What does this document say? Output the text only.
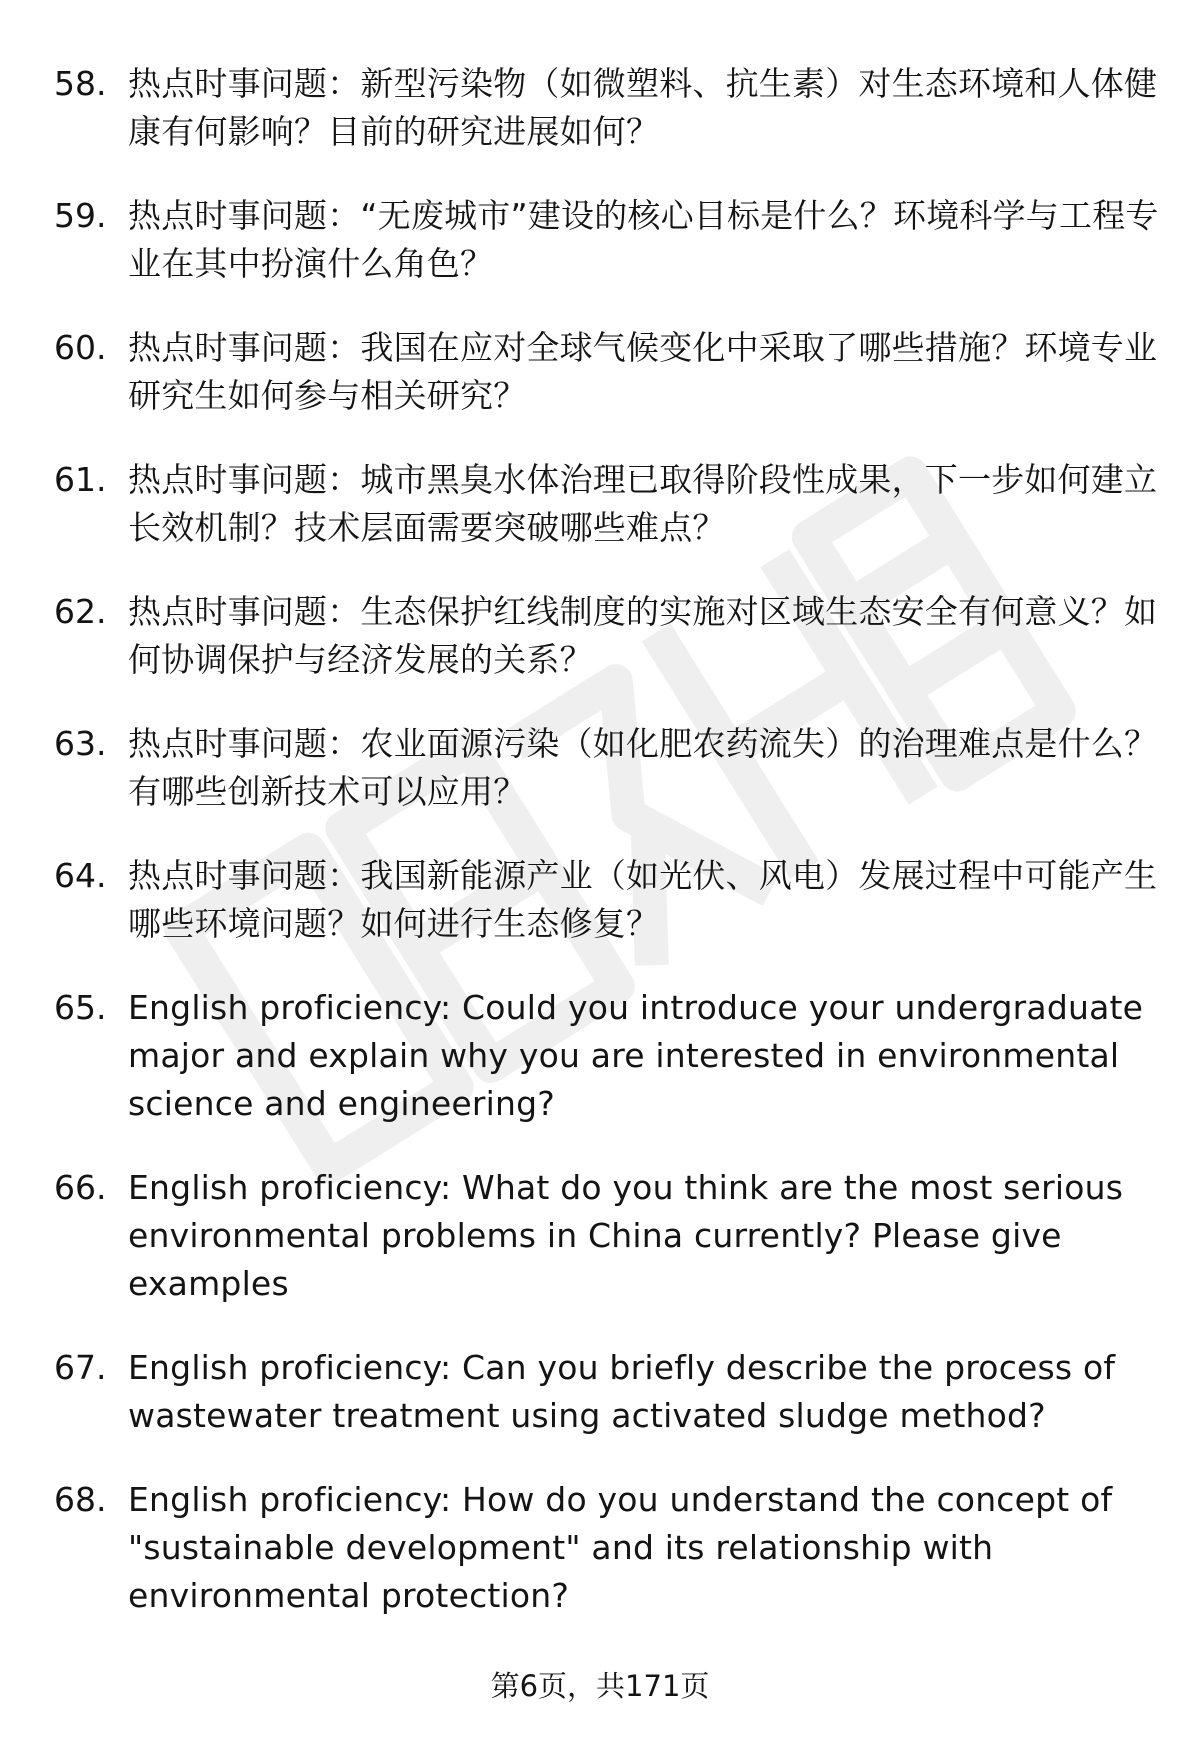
58. 热点时事问题：新型污染物（如微塑料、抗生素）对生态环境和人体健康有何影响？目前的研究进展如何？
59. 热点时事问题：“无废城市”建设的核心目标是什么？环境科学与工程专业在其中扮演什么角色？
60. 热点时事问题：我国在应对全球气候变化中采取了哪些措施？环境专业研究生如何参与相关研究？
61. 热点时事问题：城市黑臭水体治理已取得阶段性成果，下一步如何建立长效机制？技术层面需要突破哪些难点？
62. 热点时事问题：生态保护红线制度的实施对区域生态安全有何意义？如何协调保护与经济发展的关系？
63. 热点时事问题：农业面源污染（如化肥农药流失）的治理难点是什么？有哪些创新技术可以应用？
64. 热点时事问题：我国新能源产业（如光伏、风电）发展过程中可能产生哪些环境问题？如何进行生态修复？
65. English proficiency: Could you introduce your undergraduate major and explain why you are interested in environmental science and engineering?
66. English proficiency: What do you think are the most serious environmental problems in China currently? Please give examples
67. English proficiency: Can you briefly describe the process of wastewater treatment using activated sludge method?
68. English proficiency: How do you understand the concept of "sustainable development" and its relationship with environmental protection?
第6页，共171页
